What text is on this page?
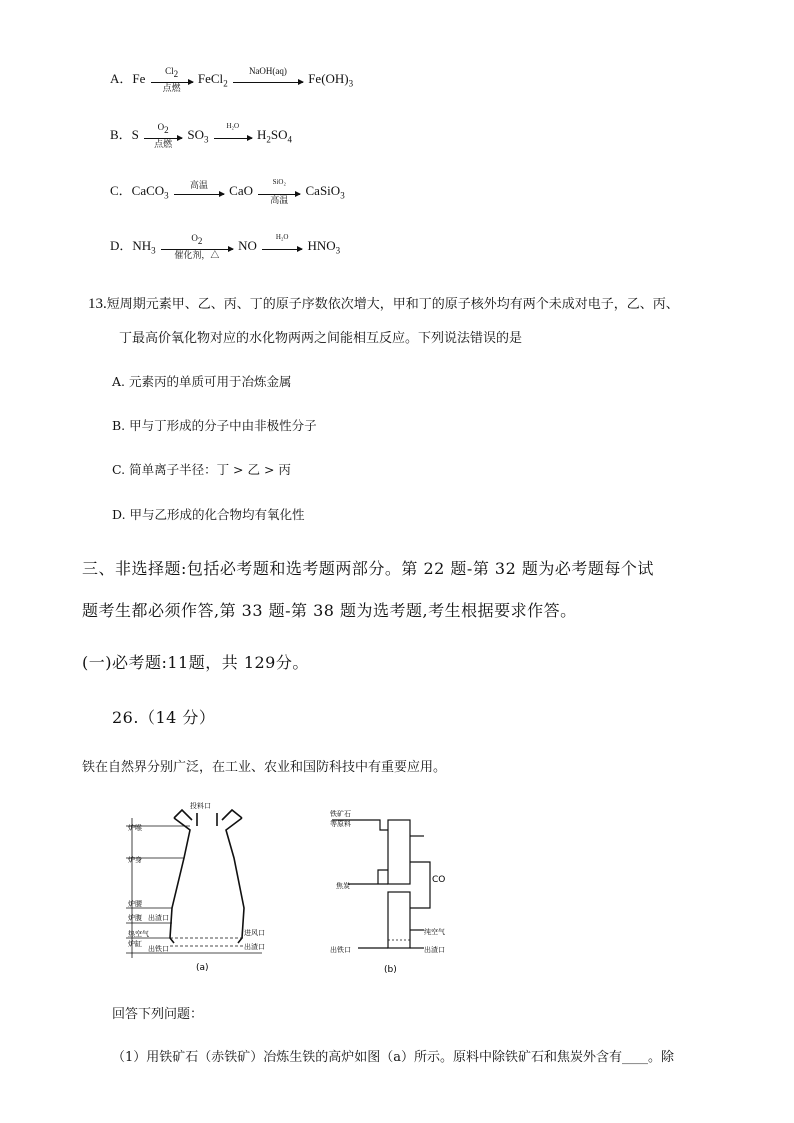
A．Fe
$Cl_2$
点燃
FeCl$_2$
NaOH(aq)
$Fe(OH)_3$
B．S
$O_2$
点燃
$SO_3$
H₂O
$H_2SO_4$
C．CaCO$_3$
高温	CaO
SiO₂
高温
CaSiO$_3$
D．$NH_3$
$O_2$
催化剂，△
NO
H₂O
$HNO_3$
13.短周期元素甲、乙、丙、丁的原子序数依次增大，甲和丁的原子核外均有两个未成对电子，乙、丙、
丁最高价氧化物对应的水化物两两之间能相互反应。下列说法错误的是
A. 元素丙的单质可用于冶炼金属
B. 甲与丁形成的分子中由非极性分子
C. 简单离子半径：丁 > 乙 > 丙
D. 甲与乙形成的化合物均有氧化性
三、非选择题:包括必考题和选考题两部分。第 22 题-第 32 题为必考题每个试
题考生都必须作答,第 33 题-第 38 题为选考题,考生根据要求作答。
(一)必考题:11题，共 129分。
26.（14 分）
铁在自然界分别广泛，在工业、农业和国防科技中有重要应用。
投料口
炉喉
炉身
炉腰
炉腹 出渣口
热空气
炉缸
出铁口
进风口
出渣口
(a)
铁矿石
等原料
CO
焦炭
纯空气
出铁口	出渣口
(b)
回答下列问题：
（1）用铁矿石（赤铁矿）冶炼生铁的高炉如图（a）所示。原料中除铁矿石和焦炭外含有____。除
